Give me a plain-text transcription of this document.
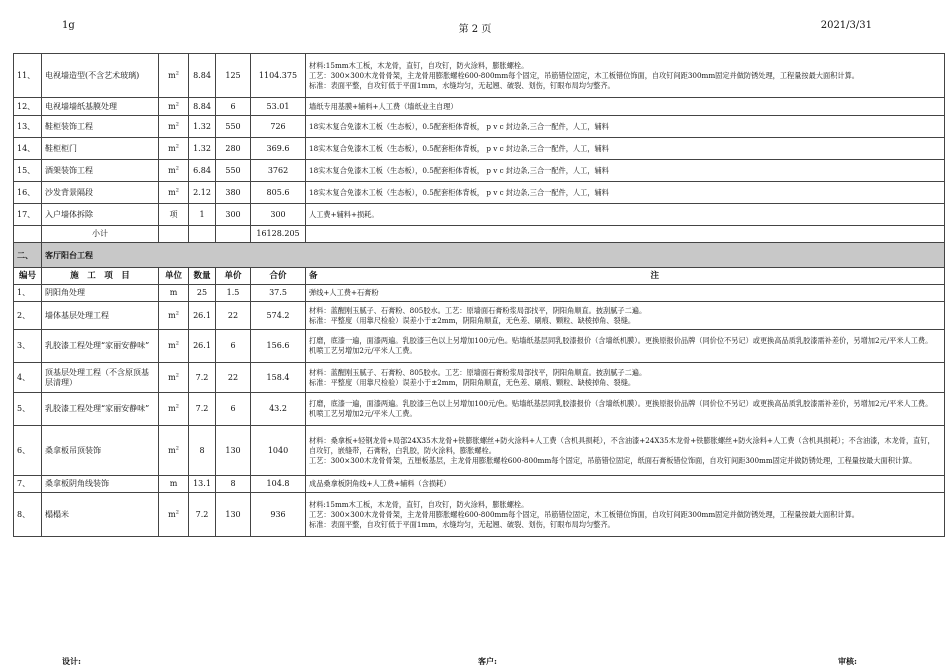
1g	第 2 页	2021/3/31
11、	电视墙造型(不含艺术玻璃)	$m^2$	8.84	125	1104.375	材料:15mm木工板，木龙骨，直钉，自攻钉，防火涂料，膨胀螺栓。
工艺：300×300木龙骨骨架，主龙骨用膨胀螺栓600-800mm每个固定，吊筋错位固定，木工板错位饰面，自攻钉间距300mm固定并做防锈处理，工程量按最大面积计算。
标准：表面平整，自攻钉低于平面1mm，水缝均匀，无起翘、破裂、划伤，钉眼布局均匀整齐。
12、	电视墙墙纸基膜处理	$m^2$	8.84	6	53.01	墙纸专用基膜+辅料+人工费（墙纸业主自理）
13、	鞋柜装饰工程	$m^2$	1.32	550	726	18实木复合免漆木工板（生态板），0.5配套柜体背板， p v c 封边条,三合一配件，人工，辅料
14、	鞋柜柜门	$m^2$	1.32	280	369.6	18实木复合免漆木工板（生态板），0.5配套柜体背板， p v c 封边条,三合一配件，人工，辅料
15、	酒架装饰工程	$m^2$	6.84	550	3762	18实木复合免漆木工板（生态板），0.5配套柜体背板， p v c 封边条,三合一配件，人工，辅料
16、	沙发背景隔段	$m^2$	2.12	380	805.6	18实木复合免漆木工板（生态板），0.5配套柜体背板， p v c 封边条,三合一配件，人工，辅料
17、	入户墙体拆除	项	1	300	300	人工费+辅料+损耗。
	小计				16128.205	
二、	客厅阳台工程					
编号	施　工　项　目	单位	数量	单价	合价	备 注

1、	阴阳角处理	m	25	1.5	37.5	弹线+人工费+石膏粉
2、	墙体基层处理工程	$m^2$	26.1	22	574.2	材料：蓝醒刚玉腻子、石膏粉、805胶水。工艺：原墙面石膏粉浆局部找平，阴阳角顺直。披刮腻子二遍。
标准：平整度（用靠尺检验）误差小于±2mm，阴阳角顺直，无色差、刷痕、颗粒、缺棱掉角、裂缝。
3、	乳胶漆工程处理“家丽安静味”	$m^2$	26.1	6	156.6	打磨，底漆一遍，面漆两遍。乳胶漆三色以上另增加100元/色。贴墙纸基层同乳胶漆报价（含墙纸机膜）。更换原报价品牌（同价位不另记）或更换高品质乳胶漆需补差价，另增加2元/平米人工费。 机喷工艺另增加2元/平米人工费。
4、	顶基层处理工程（不含原顶基层清理）	$m^2$	7.2	22	158.4	材料：蓝醒刚玉腻子、石膏粉、805胶水。工艺：原墙面石膏粉浆局部找平，阴阳角顺直。披刮腻子二遍。
标准：平整度（用靠尺检验）误差小于±2mm，阴阳角顺直，无色差、刷痕、颗粒、缺棱掉角、裂缝。
5、	乳胶漆工程处理“家丽安静味”	$m^2$	7.2	6	43.2	打磨，底漆一遍，面漆两遍。乳胶漆三色以上另增加100元/色。贴墙纸基层同乳胶漆报价（含墙纸机膜）。更换原报价品牌（同价位不另记）或更换高品质乳胶漆需补差价，另增加2元/平米人工费。 机喷工艺另增加2元/平米人工费。
6、	桑拿板吊顶装饰	$m^2$	8	130	1040	材料：桑拿板+轻钢龙骨+局部24X35木龙骨+铁膨胀螺丝+防火涂料+人工费（含机具损耗），不含油漆+24X35木龙骨+铁膨胀螺丝+防火涂料+人工费（含机具损耗）；不含油漆，木龙骨，直钉，自攻钉，嵌缝带，石膏粉，白乳胶，防火涂料，膨胀螺栓。
工艺：300×300木龙骨骨架，五厘板基层，主龙骨用膨胀螺栓600-800mm每个固定，吊筋错位固定，纸面石膏板错位饰面，自攻钉间距300mm固定并做防锈处理，工程量按最大面积计算。
7、	桑拿板阴角线装饰	m	13.1	8	104.8	成品桑拿板阴角线+人工费+辅料（含损耗）
8、	榻榻米	$m^2$	7.2	130	936	材料:15mm木工板，木龙骨，直钉，自攻钉，防火涂料，膨胀螺栓。
工艺：300×300木龙骨骨架，主龙骨用膨胀螺栓600-800mm每个固定，吊筋错位固定，木工板错位饰面，自攻钉间距300mm固定并做防锈处理，工程量按最大面积计算。
标准：表面平整，自攻钉低于平面1mm，水缝均匀，无起翘、破裂、划伤，钉眼布局均匀整齐。
设计:	客户:	审核:
